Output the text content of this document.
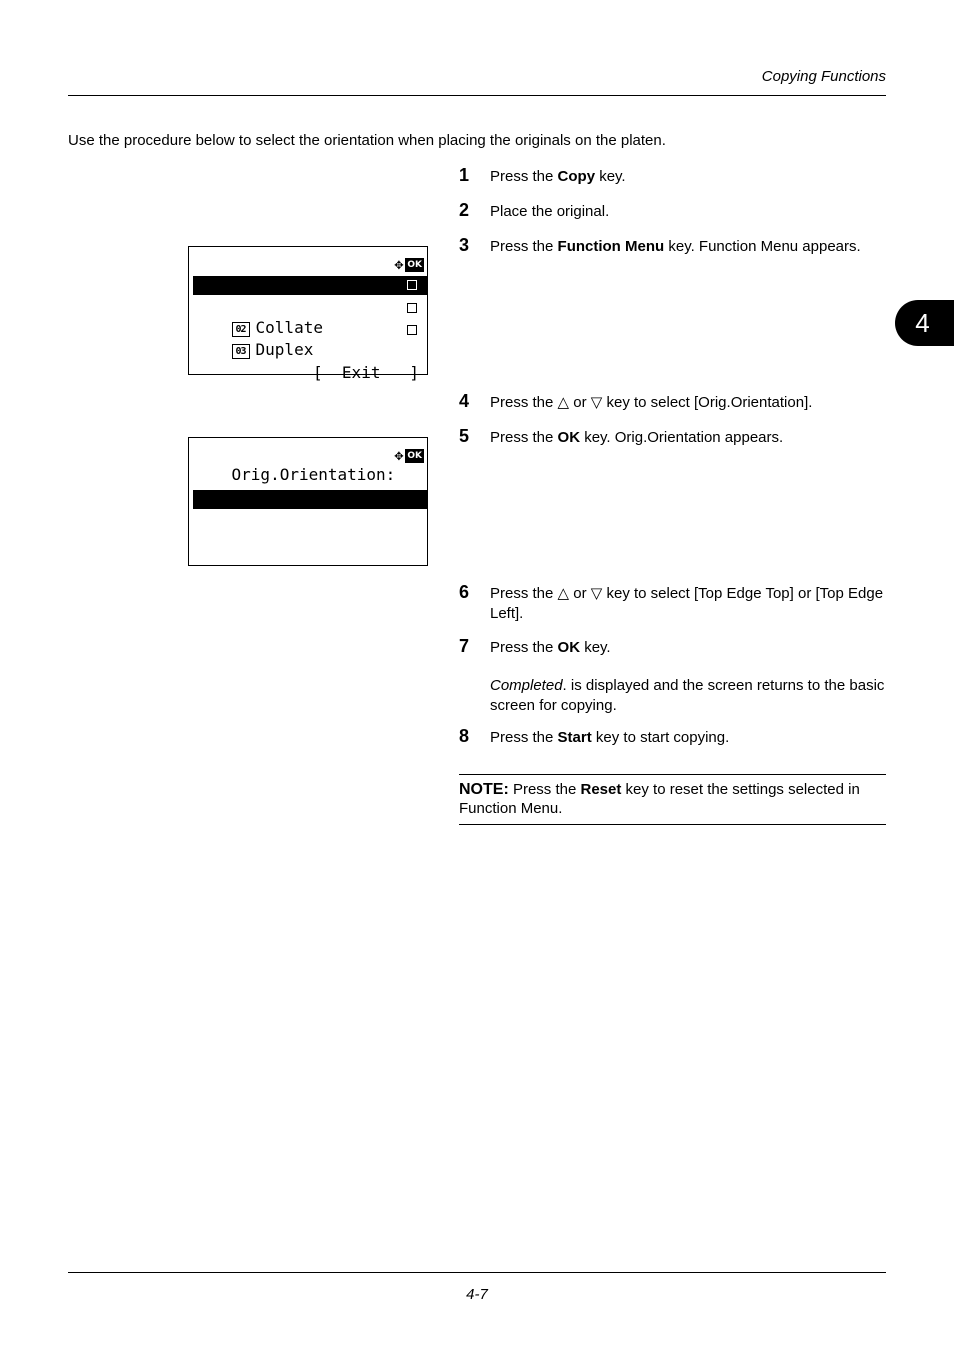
Copying Functions
4
Use the procedure below to select the orientation when placing the originals on the platen.

✥ OK

01 Paper Selection

02 Collate

03 Duplex

[ Exit ]

Orig.Orientation:

✥ OK

02 * A Top Edge Left

1 Press the Copy key.
2 Place the original.
3 Press the Function Menu key. Function Menu appears.
4 Press the △ or ▽ key to select [Orig.Orientation].
5 Press the OK key. Orig.Orientation appears.
6 Press the △ or ▽ key to select [Top Edge Top] or [Top Edge Left].
7 Press the OK key.
Completed. is displayed and the screen returns to the basic screen for copying.
8 Press the Start key to start copying.
NOTE: Press the Reset key to reset the settings selected in Function Menu.
4-7
